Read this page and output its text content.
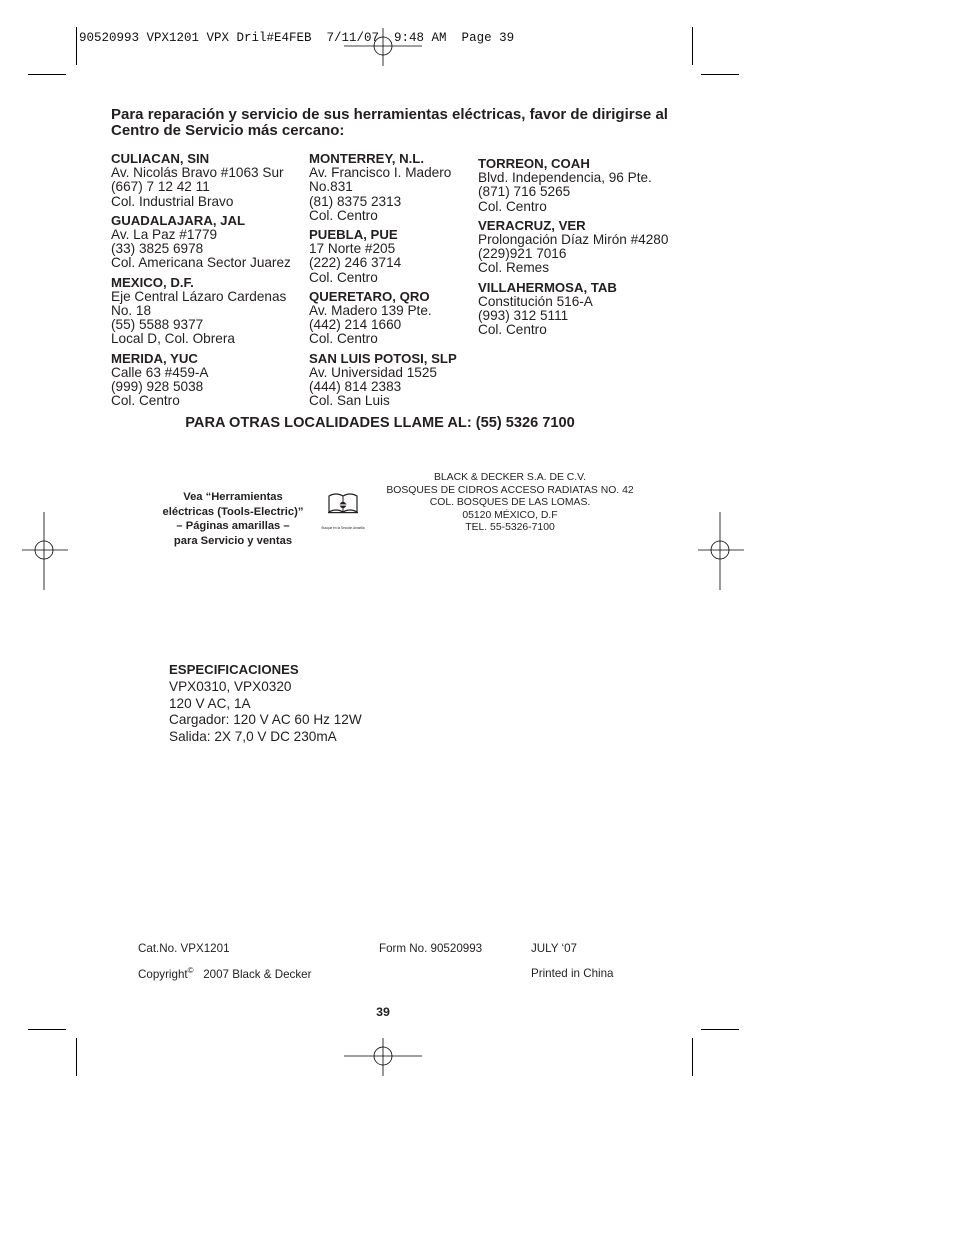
90520993 VPX1201 VPX Dril#E4FEB  7/11/07  9:48 AM  Page 39
Para reparación y servicio de sus herramientas eléctricas, favor de dirigirse al Centro de Servicio más cercano:
CULIACAN, SIN
Av. Nicolás Bravo #1063 Sur
(667) 7 12 42 11
Col. Industrial Bravo
GUADALAJARA, JAL
Av. La Paz #1779
(33) 3825 6978
Col. Americana Sector Juarez
MEXICO, D.F.
Eje Central Lázaro Cardenas
No. 18
(55) 5588 9377
Local D, Col. Obrera
MERIDA, YUC
Calle 63 #459-A
(999) 928 5038
Col. Centro
MONTERREY, N.L.
Av. Francisco I. Madero
No.831
(81) 8375 2313
Col. Centro
PUEBLA, PUE
17 Norte #205
(222) 246 3714
Col. Centro
QUERETARO, QRO
Av. Madero 139 Pte.
(442) 214 1660
Col. Centro
SAN LUIS POTOSI, SLP
Av. Universidad 1525
(444) 814 2383
Col. San Luis
TORREON, COAH
Blvd. Independencia, 96 Pte.
(871) 716 5265
Col. Centro
VERACRUZ, VER
Prolongación Díaz Mirón #4280
(229)921 7016
Col. Remes
VILLAHERMOSA, TAB
Constitución 516-A
(993) 312 5111
Col. Centro
PARA OTRAS LOCALIDADES LLAME AL: (55) 5326 7100
Vea “Herramientas
eléctricas (Tools-Electric)”
– Páginas amarillas –
para Servicio y ventas
Busque en la Sección Amarilla
BLACK & DECKER S.A. DE C.V.
BOSQUES DE CIDROS ACCESO RADIATAS NO. 42
COL. BOSQUES DE LAS LOMAS.
05120 MÉXICO, D.F
TEL. 55-5326-7100
ESPECIFICACIONES
VPX0310, VPX0320
120 V AC, 1A
Cargador: 120 V AC 60 Hz 12W
Salida: 2X 7,0 V DC 230mA
Cat.No. VPX1201	Form No. 90520993	JULY ‘07
Copyright© 2007 Black & Decker	Printed in China
39
